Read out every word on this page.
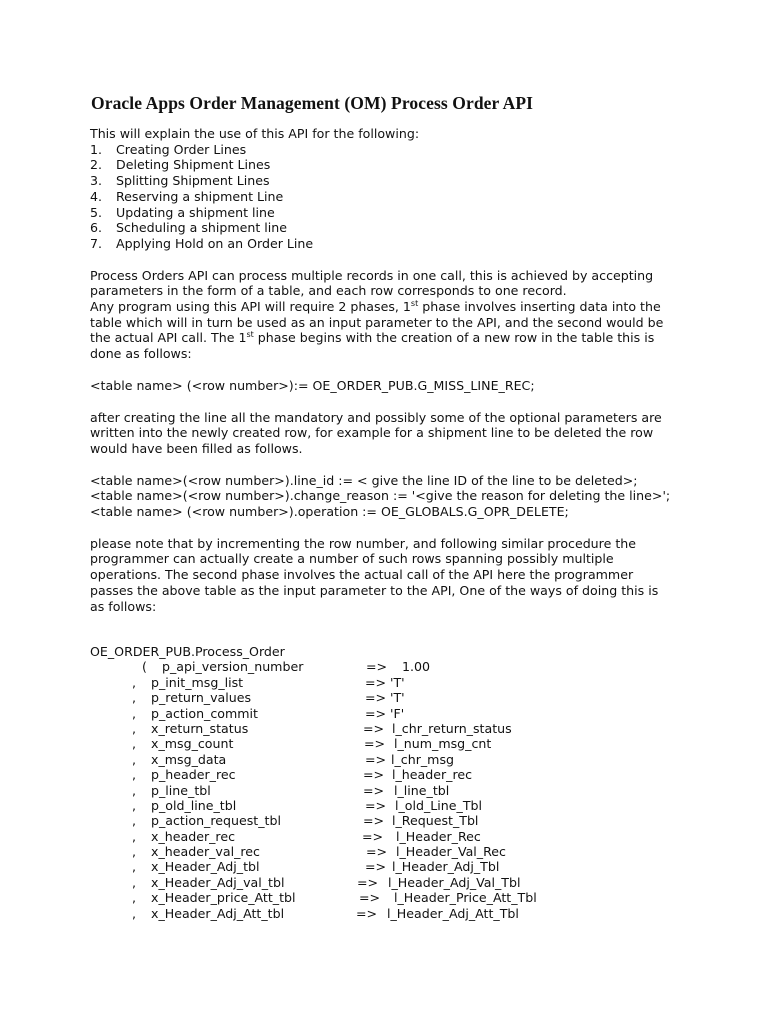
Oracle Apps Order Management (OM) Process Order API

This will explain the use of this API for the following:

1. Creating Order Lines
2. Deleting Shipment Lines
3. Splitting Shipment Lines
4. Reserving a shipment Line
5. Updating a shipment line
6. Scheduling a shipment line
7. Applying Hold on an Order Line

Process Orders API can process multiple records in one call, this is achieved by accepting

parameters in the form of a table, and each row corresponds to one record.

Any program using this API will require 2 phases, 1st phase involves inserting data into the

table which will in turn be used as an input parameter to the API, and the second would be

the actual API call. The 1st phase begins with the creation of a new row in the table this is

done as follows:

<table name> (<row number>):= OE_ORDER_PUB.G_MISS_LINE_REC;

after creating the line all the mandatory and possibly some of the optional parameters are

written into the newly created row, for example for a shipment line to be deleted the row

would have been filled as follows.

<table name>(<row number>).line_id := < give the line ID of the line to be deleted>;

<table name>(<row number>).change_reason := '<give the reason for deleting the line>';

<table name> (<row number>).operation := OE_GLOBALS.G_OPR_DELETE;

please note that by incrementing the row number, and following similar procedure the

programmer can actually create a number of such rows spanning possibly multiple

operations. The second phase involves the actual call of the API here the programmer

passes the above table as the input parameter to the API, One of the ways of doing this is

as follows:

OE_ORDER_PUB.Process_Order

( p_api_version_number	=> 1.00
, p_init_msg_list	=> 'T'
, p_return_values	=> 'T'
, p_action_commit	=> 'F'
, x_return_status	=> l_chr_return_status
, x_msg_count	=> l_num_msg_cnt
, x_msg_data	=> l_chr_msg
, p_header_rec	=> l_header_rec
, p_line_tbl	=> l_line_tbl
, p_old_line_tbl	=> l_old_Line_Tbl
, p_action_request_tbl	=> l_Request_Tbl
, x_header_rec	=> l_Header_Rec
, x_header_val_rec	=> l_Header_Val_Rec
, x_Header_Adj_tbl	=> l_Header_Adj_Tbl
, x_Header_Adj_val_tbl	=> l_Header_Adj_Val_Tbl
, x_Header_price_Att_tbl	=> l_Header_Price_Att_Tbl
, x_Header_Adj_Att_tbl	=> l_Header_Adj_Att_Tbl
